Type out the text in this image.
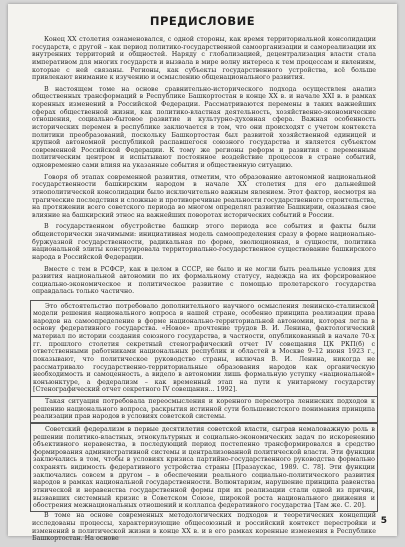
ПРЕДИСЛОВИЕ

Конец XX столетия ознаменовался, с одной стороны, как время территориальной консолидации государств, с другой – как период политико-государственной самоорганизации и самореализации их внутренних территорий и общностей. Наряду с глобализацией, децентрализация власти стала императивом для многих государств и вызвала в мире волну интереса к тем процессам и явлениям, которые с ней связаны. Регионы, как субъекты государственного устройства, всё больше привлекают внимание к изучению и осмыслению общенационального развития.

В настоящем томе на основе сравнительно-исторического подхода осуществлен анализ общественных трансформаций в Республике Башкортостан в конце XX в. и начале XXI в. в рамках коренных изменений в Российской Федерации. Рассматриваются перемены в таких важнейших сферах общественной жизни, как политико-властная деятельность, хозяйственно-экономические отношения, социально-бытовое развитие и культурно-духовная сфера. Важная особенность исторических перемен в республике заключается в том, что они происходят с учетом контекста политики преобразований, поскольку Башкортостан был развитой хозяйственной единицей и крупной автономной республикой распавшегося союзного государства и является субъектом современной Российской Федерации. К тому же регионы реформ и развития с переменным политическим центром и испытывают постоянное воздействие процессов в стране событий, одновременно сами влияя на указанные события и общественную ситуацию.

Говоря об этапах современной развития, отметим, что образование автономной национальной государственности башкирским народом в начале XX столетия для его дальнейшей этнополитической консолидации было исключительно важным явлением. Этот фактор, несмотря на трагические последствия и сложные и противоречивые реальности государственного строительства, на протяжении всего советского периода во многом определял развитие Башкирии, оказывая свое влияние на башкирский этнос на важнейших поворотах исторических событий в России.

В государственном обустройстве башкир этого периода все события и факты были общеисторически значимыми: инициативная модель самоопределения сразу в форме национально-буржуазной государственности, радикальная по форме, эволюционная, в сущности, политика национальной элиты конструировала территориально-государственное существование башкирского народа в Российской Федерации.

Вместе с тем в РСФСР, как в целом в СССР, не было и не могли быть реальные условия для развития национальной автономии по их формальному статусу, надежда на их форсированное социально-экономическое и политическое развитие с помощью пролетарского государства оправдалась только частично.

Это обстоятельство потребовало дополнительного научного осмысления ленинско-сталинской модели решения национального вопроса в нашей стране, особенно принципа реализации права народов на самоопределение в форме национально-территориальной автономии, которая легла в основу федеративного государства. «Новое» прочтение трудов В. И. Ленина, фактологический материал по истории создания союзного государства, в частности, опубликованный в начале 70-х гг. прошлого столетия секретный стенографический отчет IV совещания ЦК РКП(б) с ответственными работниками национальных республик и областей в Москве 9–12 июня 1923 г., показывают, что политическое руководство страны, включая В. И. Ленина, никогда не рассматривало государственно-территориальные образования народов как органическую необходимость и самоценность, а видело в автономии лишь формальную уступку «национальной» конъюнктуре, а федерализм – как временный этап на пути к унитарному государству [Стенографический отчет секретного IV совещания... 1992].

Такая ситуация потребовала переосмысления и коренного пересмотра ленинских подходов к решению национального вопроса, раскрытия истинной сути большевистского понимания принципа реализации прав народов в условиях советской системы.

Советский федерализм в первые десятилетия советской власти, сыграв немаловажную роль в решении политико-властных, этнокультурных и социально-экономических задач по искоренению объективного неравенства, в последующий период постепенно трансформировался в средство формирования административной системы и централизованной политической власти. Эти функции заключались в том, чтобы в условиях кризиса партийно-государственного руководства формально сохранять видимость федеративного устройства страны [Празаускас, 1989. С. 78]. Эти функции заключались совсем в другом – в обеспечении реального социально-политического развития народов в рамках национальной государственности. Волюнтаризм, нарушение принципа равенства этнической и неравенства государственной формы при их реализации стали одной из причин, вызвавших системный кризис в Советском Союзе, широкой роста национального движения и обострения межнациональных отношений и коллапса федеративного государства [Там же. С. 20].

В томе на основе современных методологических подходов и теоретических концепций исследованы процессы, характеризующие общесоюзный и российский контекст перестройки и изменений в политической жизни в конце XX в. и в его рамках коренные изменения в Республике Башкортостан. На основе

5
